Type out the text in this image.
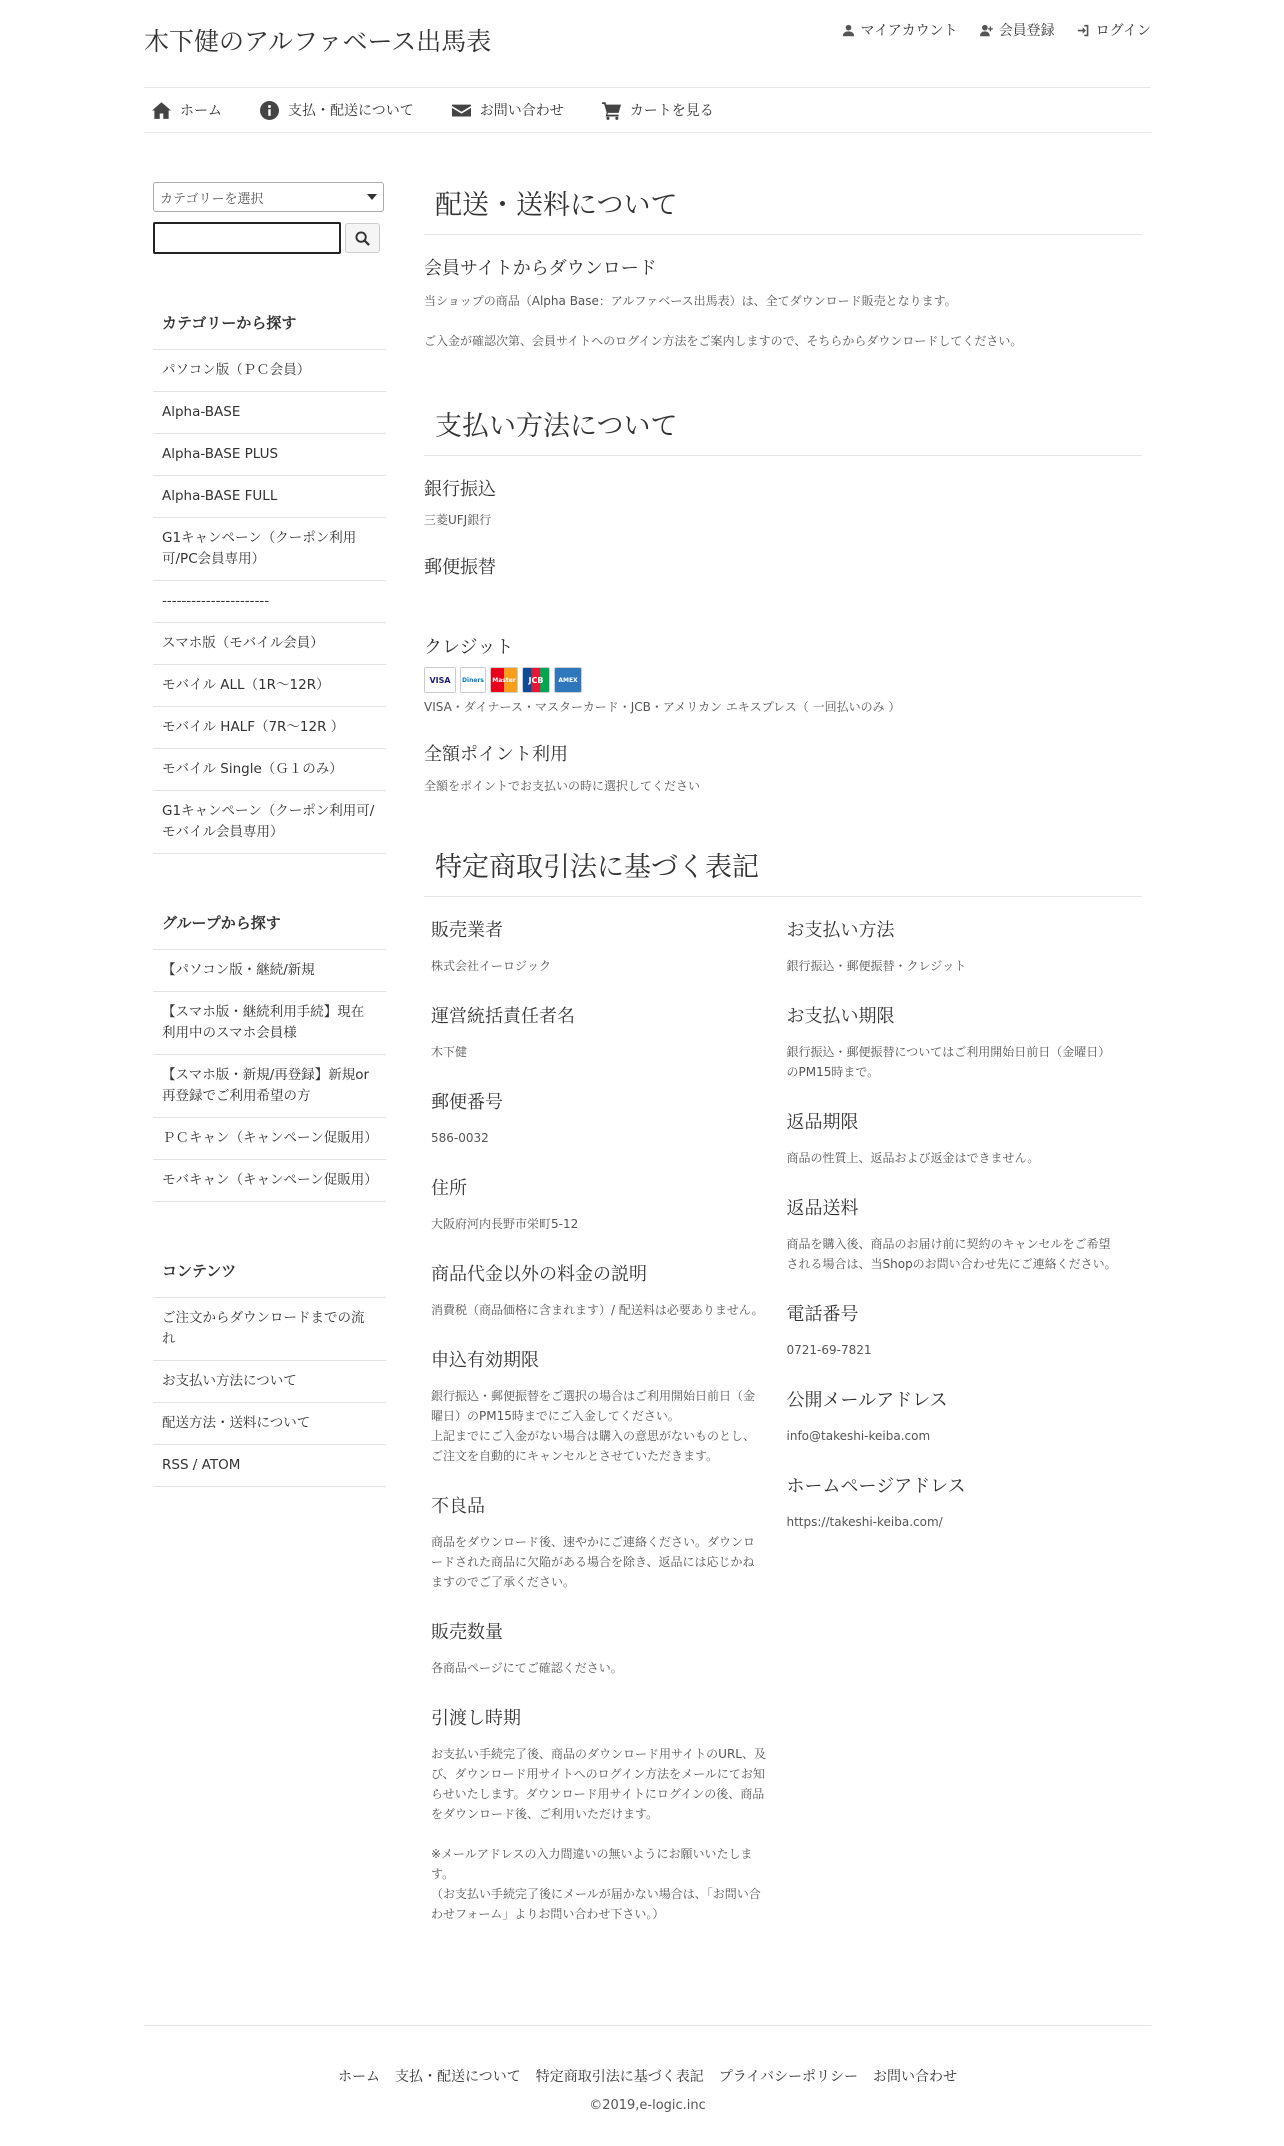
木下健のアルファベース出馬表	マイアカウント	会員登録	ログイン
ホーム	支払・配送について	お問い合わせ	カートを見る
カテゴリーを選択
カテゴリーから探す
パソコン版（ＰＣ会員）
Alpha-BASE
Alpha-BASE PLUS
Alpha-BASE FULL
G1キャンペーン（クーポン利用可/PC会員専用）
----------------------
スマホ版（モバイル会員）
モバイル ALL（1R～12R）
モバイル HALF（7R～12R ）
モバイル Single（Ｇ１のみ）
G1キャンペーン（クーポン利用可/モバイル会員専用）
グループから探す
【パソコン版・継続/新規
【スマホ版・継続利用手続】現在利用中のスマホ会員様
【スマホ版・新規/再登録】新規or再登録でご利用希望の方
ＰＣキャン（キャンペーン促販用）
モバキャン（キャンペーン促販用）
コンテンツ
ご注文からダウンロードまでの流れ
お支払い方法について
配送方法・送料について
RSS / ATOM
配送・送料について
会員サイトからダウンロード

当ショップの商品（Alpha Base：アルファベース出馬表）は、全てダウンロード販売となります。

ご入金が確認次第、会員サイトへのログイン方法をご案内しますので、そちらからダウンロードしてください。

支払い方法について
銀行振込

三菱UFJ銀行

郵便振替
クレジット
VISA	Diners	Master	JCB	AMEX

VISA・ダイナース・マスターカード・JCB・アメリカン エキスプレス（ 一回払いのみ ）

全額ポイント利用

全額をポイントでお支払いの時に選択してください

特定商取引法に基づく表記
販売業者

株式会社イーロジック

運営統括責任者名

木下健

郵便番号

586-0032

住所

大阪府河内長野市栄町5-12

商品代金以外の料金の説明

消費税（商品価格に含まれます）/ 配送料は必要ありません。

申込有効期限

銀行振込・郵便振替をご選択の場合はご利用開始日前日（金曜日）のPM15時までにご入金してください。
上記までにご入金がない場合は購入の意思がないものとし、ご注文を自動的にキャンセルとさせていただきます。

不良品

商品をダウンロード後、速やかにご連絡ください。ダウンロードされた商品に欠陥がある場合を除き、返品には応じかねますのでご了承ください。

販売数量

各商品ページにてご確認ください。

引渡し時期

お支払い手続完了後、商品のダウンロード用サイトのURL、及び、ダウンロード用サイトへのログイン方法をメールにてお知らせいたします。ダウンロード用サイトにログインの後、商品をダウンロード後、ご利用いただけます。

※メールアドレスの入力間違いの無いようにお願いいたします。
（お支払い手続完了後にメールが届かない場合は、「お問い合わせフォーム」よりお問い合わせ下さい。）

お支払い方法

銀行振込・郵便振替・クレジット

お支払い期限

銀行振込・郵便振替についてはご利用開始日前日（金曜日）のPM15時まで。

返品期限

商品の性質上、返品および返金はできません。

返品送料

商品を購入後、商品のお届け前に契約のキャンセルをご希望される場合は、当Shopのお問い合わせ先にご連絡ください。

電話番号

0721-69-7821

公開メールアドレス

info@takeshi-keiba.com

ホームページアドレス

https://takeshi-keiba.com/

ホーム 支払・配送について 特定商取引法に基づく表記 プライバシーポリシー お問い合わせ
©2019,e-logic.inc
